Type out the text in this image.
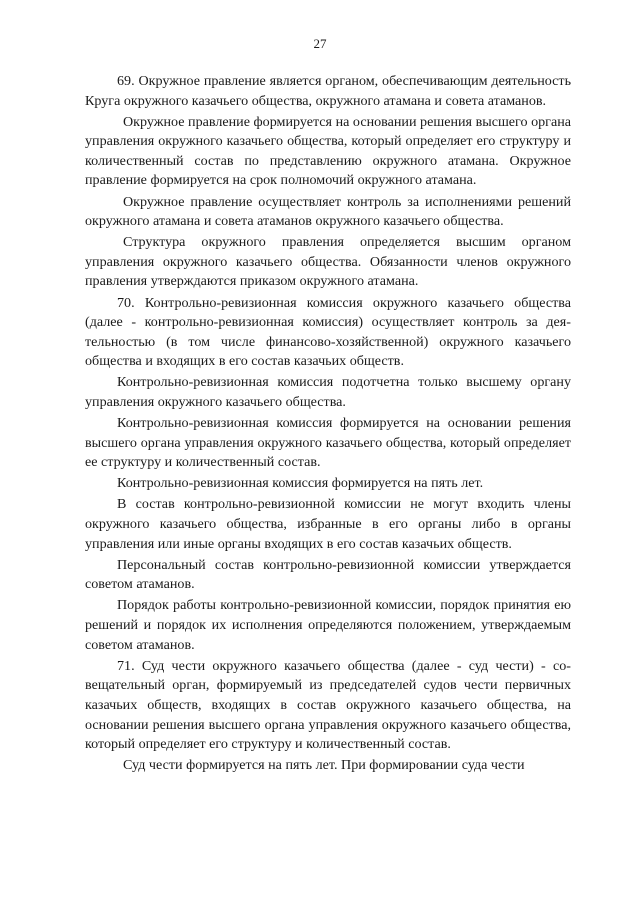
27

69. Окружное правление является органом, обеспечивающим деятельность Круга окружного казачьего общества, окружного атамана и совета атаманов.

Окружное правление формируется на основании решения высшего органа управления окружного казачьего общества, который определяет его структуру и количественный состав по представлению окружного атамана. Окружное правление формируется на срок полномочий окружного атамана.

Окружное правление осуществляет контроль за исполнениями решений окружного атамана и совета атаманов окружного казачьего общества.

Структура окружного правления определяется высшим органом управления окружного казачьего общества. Обязанности членов окружного правления утверждаются приказом окружного атамана.

70. Контрольно-ревизионная комиссия окружного казачьего общества (далее - контрольно-ревизионная комиссия) осуществляет контроль за деятельностью (в том числе финансово-хозяйственной) окружного казачьего общества и входящих в его состав казачьих обществ.

Контрольно-ревизионная комиссия подотчетна только высшему органу управления окружного казачьего общества.

Контрольно-ревизионная комиссия формируется на основании решения высшего органа управления окружного казачьего общества, который определяет ее структуру и количественный состав.

Контрольно-ревизионная комиссия формируется на пять лет.

В состав контрольно-ревизионной комиссии не могут входить члены окружного казачьего общества, избранные в его органы либо в органы управления или иные органы входящих в его состав казачьих обществ.

Персональный состав контрольно-ревизионной комиссии утверждается советом атаманов.

Порядок работы контрольно-ревизионной комиссии, порядок принятия ею решений и порядок их исполнения определяются положением, утверждаемым советом атаманов.

71. Суд чести окружного казачьего общества (далее - суд чести) - совещательный орган, формируемый из председателей судов чести первичных казачьих обществ, входящих в состав окружного казачьего общества, на основании решения высшего органа управления окружного казачьего общества, который определяет его структуру и количественный состав.

Суд чести формируется на пять лет. При формировании суда чести
